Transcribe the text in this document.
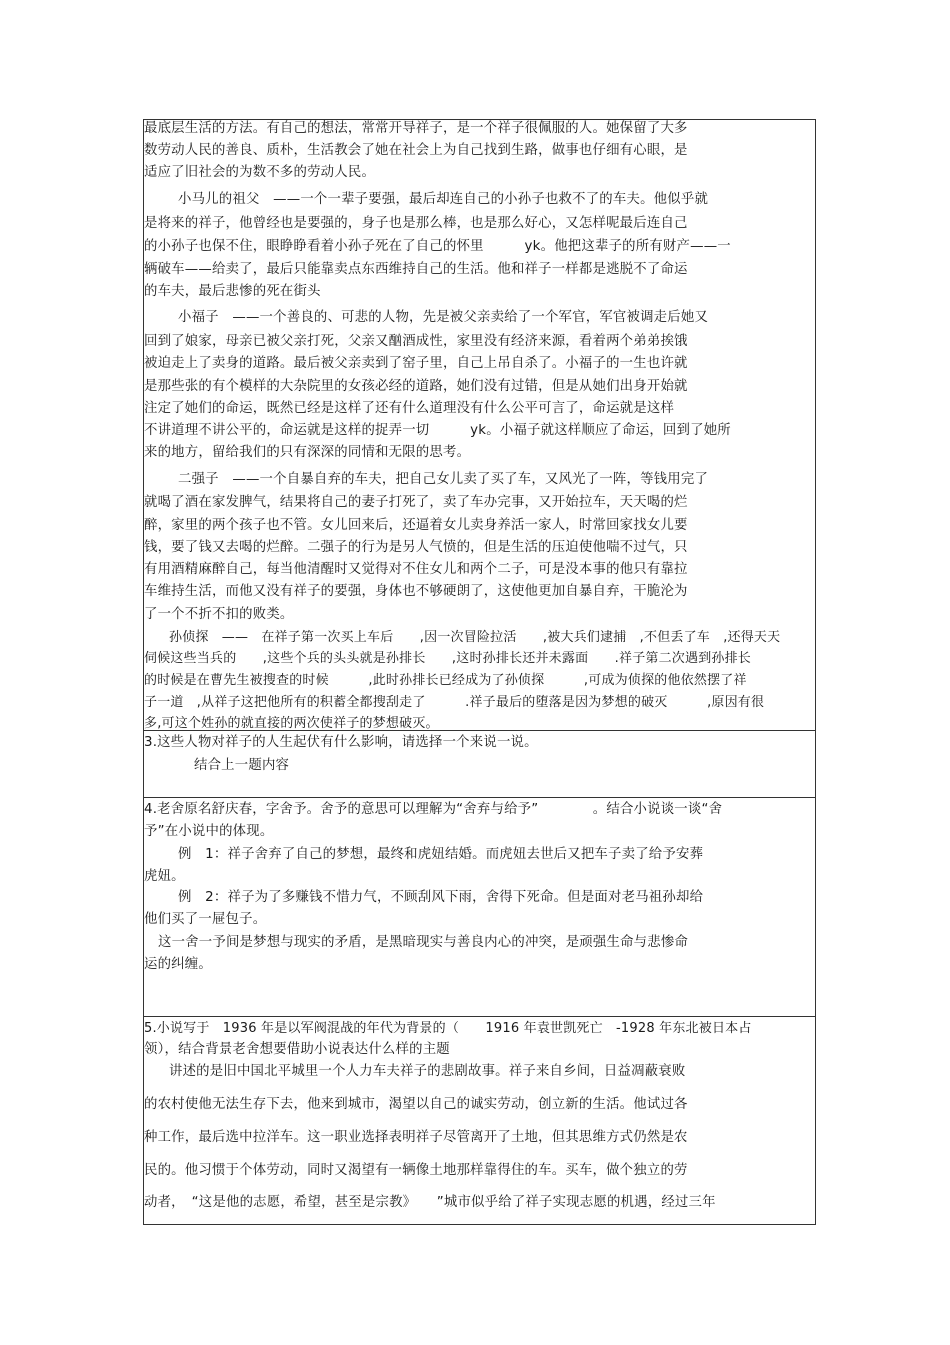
最底层生活的方法。有自己的想法，常常开导祥子，是一个祥子很佩服的人。她保留了大多
数劳动人民的善良、质朴，生活教会了她在社会上为自己找到生路，做事也仔细有心眼，是
适应了旧社会的为数不多的劳动人民。
小马儿的祖父　——一个一辈子要强，最后却连自己的小孙子也救不了的车夫。他似乎就
是将来的祥子，他曾经也是要强的，身子也是那么棒，也是那么好心，又怎样呢最后连自己
的小孙子也保不住，眼睁睁看着小孙子死在了自己的怀里　　　yk。他把这辈子的所有财产——一
辆破车——给卖了，最后只能靠卖点东西维持自己的生活。他和祥子一样都是逃脱不了命运
的车夫，最后悲惨的死在街头
小福子　——一个善良的、可悲的人物，先是被父亲卖给了一个军官，军官被调走后她又
回到了娘家，母亲已被父亲打死，父亲又酗酒成性，家里没有经济来源，看着两个弟弟挨饿
被迫走上了卖身的道路。最后被父亲卖到了窑子里，自己上吊自杀了。小福子的一生也许就
是那些张的有个模样的大杂院里的女孩必经的道路，她们没有过错，但是从她们出身开始就
注定了她们的命运，既然已经是这样了还有什么道理没有什么公平可言了，命运就是这样
不讲道理不讲公平的，命运就是这样的捉弄一切　　　yk。小福子就这样顺应了命运，回到了她所
来的地方，留给我们的只有深深的同情和无限的思考。
二强子　——一个自暴自弃的车夫，把自己女儿卖了买了车，又风光了一阵，等钱用完了
就喝了酒在家发脾气，结果将自己的妻子打死了，卖了车办完事，又开始拉车，天天喝的烂
醉，家里的两个孩子也不管。女儿回来后，还逼着女儿卖身养活一家人，时常回家找女儿要
钱，要了钱又去喝的烂醉。二强子的行为是另人气愤的，但是生活的压迫使他喘不过气，只
有用酒精麻醉自己，每当他清醒时又觉得对不住女儿和两个二子，可是没本事的他只有靠拉
车维持生活，而他又没有祥子的要强，身体也不够硬朗了，这使他更加自暴自弃，干脆沦为
了一个不折不扣的败类。
孙侦探　——　在祥子第一次买上车后　　,因一次冒险拉活　　,被大兵们逮捕　,不但丢了车　,还得天天
伺候这些当兵的　　,这些个兵的头头就是孙排长　　,这时孙排长还并未露面　　.祥子第二次遇到孙排长
的时候是在曹先生被搜查的时候　　　,此时孙排长已经成为了孙侦探　　　,可成为侦探的他依然摆了祥
子一道　,从祥子这把他所有的积蓄全都搜刮走了　　　.祥子最后的堕落是因为梦想的破灭　　　,原因有很
多,可这个姓孙的就直接的两次使祥子的梦想破灭。
3.这些人物对祥子的人生起伏有什么影响，请选择一个来说一说。
结合上一题内容
4.老舍原名舒庆春，字舍予。舍予的意思可以理解为“舍弃与给予”　　　　。结合小说谈一谈“舍
予”在小说中的体现。
例　1：祥子舍弃了自己的梦想，最终和虎妞结婚。而虎妞去世后又把车子卖了给予安葬
虎妞。
例　2：祥子为了多赚钱不惜力气，不顾刮风下雨，舍得下死命。但是面对老马祖孙却给
他们买了一屉包子。
这一舍一予间是梦想与现实的矛盾，是黑暗现实与善良内心的冲突，是顽强生命与悲惨命
运的纠缠。
5.小说写于　1936 年是以军阀混战的年代为背景的（　　1916 年袁世凯死亡　-1928 年东北被日本占
领），结合背景老舍想要借助小说表达什么样的主题
讲述的是旧中国北平城里一个人力车夫祥子的悲剧故事。祥子来自乡间，日益凋蔽衰败
的农村使他无法生存下去，他来到城市，渴望以自己的诚实劳动，创立新的生活。他试过各
种工作，最后选中拉洋车。这一职业选择表明祥子尽管离开了土地，但其思维方式仍然是农
民的。他习惯于个体劳动，同时又渴望有一辆像土地那样靠得住的车。买车，做个独立的劳
动者，　“这是他的志愿，希望，甚至是宗教》　　”城市似乎给了祥子实现志愿的机遇，经过三年
